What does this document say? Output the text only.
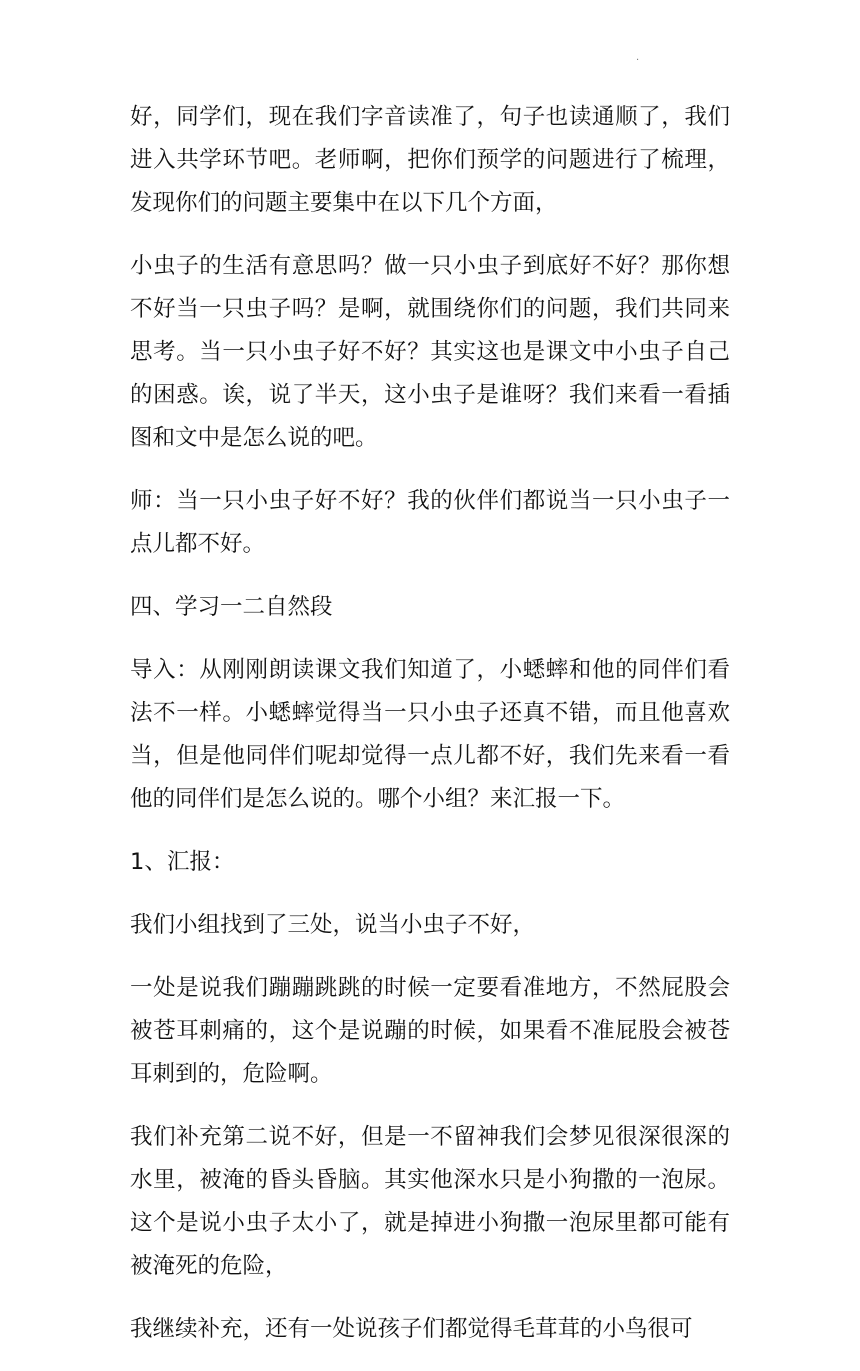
·

好，同学们，现在我们字音读准了，句子也读通顺了，我们进入共学环节吧。老师啊，把你们预学的问题进行了梳理，发现你们的问题主要集中在以下几个方面，

小虫子的生活有意思吗？做一只小虫子到底好不好？那你想不好当一只虫子吗？是啊，就围绕你们的问题，我们共同来思考。当一只小虫子好不好？其实这也是课文中小虫子自己的困惑。诶，说了半天，这小虫子是谁呀？我们来看一看插图和文中是怎么说的吧。

师：当一只小虫子好不好？我的伙伴们都说当一只小虫子一点儿都不好。

四、学习一二自然段

导入：从刚刚朗读课文我们知道了，小蟋蟀和他的同伴们看法不一样。小蟋蟀觉得当一只小虫子还真不错，而且他喜欢当，但是他同伴们呢却觉得一点儿都不好，我们先来看一看他的同伴们是怎么说的。哪个小组？来汇报一下。

1、汇报：

我们小组找到了三处，说当小虫子不好，

一处是说我们蹦蹦跳跳的时候一定要看准地方，不然屁股会被苍耳刺痛的，这个是说蹦的时候，如果看不准屁股会被苍耳刺到的，危险啊。

我们补充第二说不好，但是一不留神我们会梦见很深很深的水里，被淹的昏头昏脑。其实他深水只是小狗撒的一泡尿。这个是说小虫子太小了，就是掉进小狗撒一泡尿里都可能有被淹死的危险，

我继续补充，还有一处说孩子们都觉得毛茸茸的小鸟很可
